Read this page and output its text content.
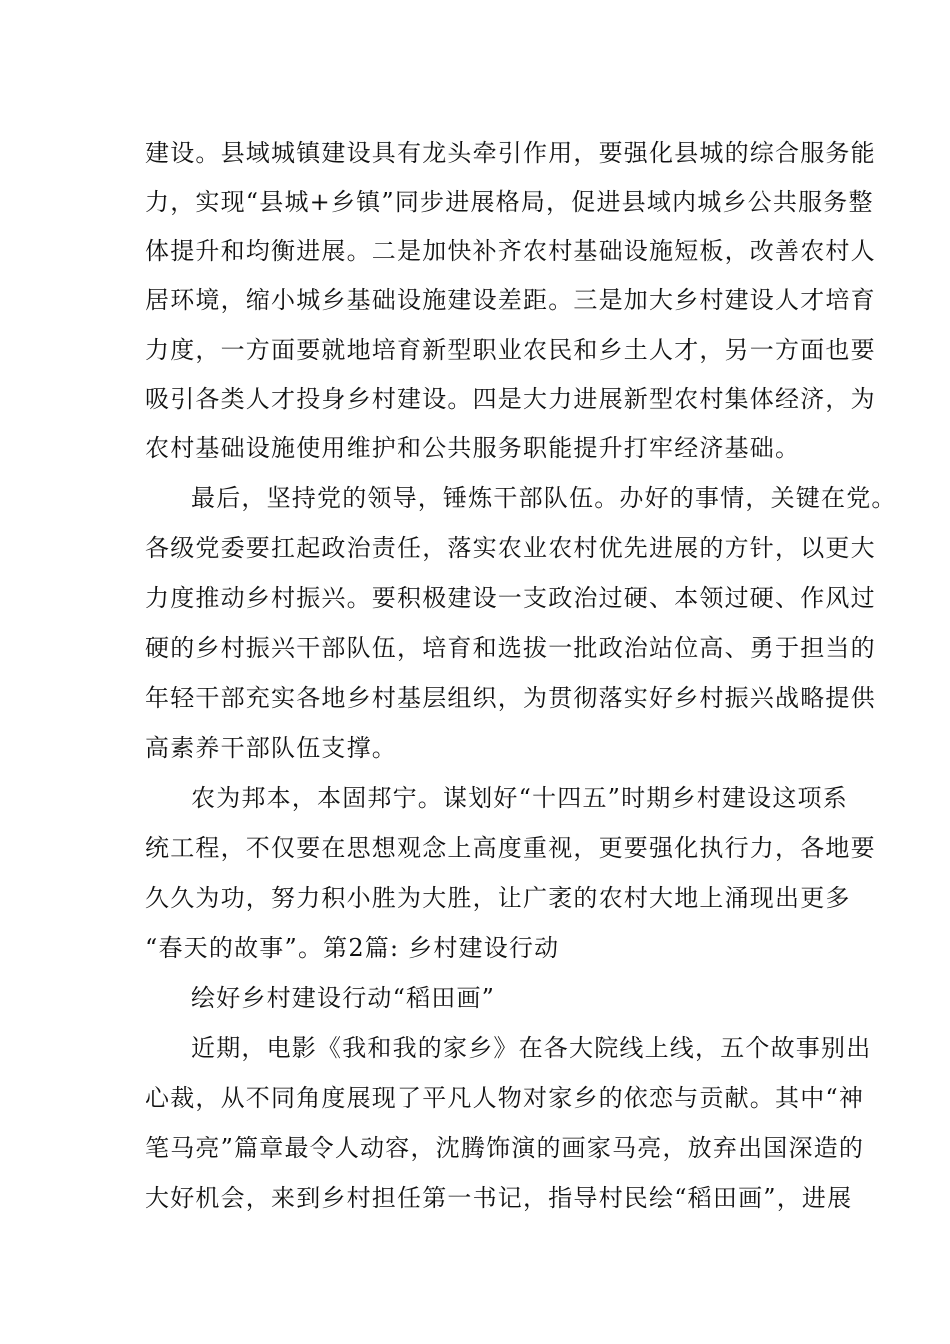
建设。县域城镇建设具有龙头牵引作用，要强化县城的综合服务能
力，实现“县城+乡镇”同步进展格局，促进县域内城乡公共服务整
体提升和均衡进展。二是加快补齐农村基础设施短板，改善农村人
居环境，缩小城乡基础设施建设差距。三是加大乡村建设人才培育
力度，一方面要就地培育新型职业农民和乡土人才，另一方面也要
吸引各类人才投身乡村建设。四是大力进展新型农村集体经济，为
农村基础设施使用维护和公共服务职能提升打牢经济基础。
最后，坚持党的领导，锤炼干部队伍。办好的事情，关键在党。
各级党委要扛起政治责任，落实农业农村优先进展的方针，以更大
力度推动乡村振兴。要积极建设一支政治过硬、本领过硬、作风过
硬的乡村振兴干部队伍，培育和选拔一批政治站位高、勇于担当的
年轻干部充实各地乡村基层组织，为贯彻落实好乡村振兴战略提供
高素养干部队伍支撑。
农为邦本，本固邦宁。谋划好“十四五”时期乡村建设这项系
统工程，不仅要在思想观念上高度重视，更要强化执行力，各地要
久久为功，努力积小胜为大胜，让广袤的农村大地上涌现出更多
“春天的故事”。第2篇: 乡村建设行动
绘好乡村建设行动“稻田画”
近期，电影《我和我的家乡》在各大院线上线，五个故事别出
心裁，从不同角度展现了平凡人物对家乡的依恋与贡献。其中“神
笔马亮”篇章最令人动容，沈腾饰演的画家马亮，放弃出国深造的
大好机会，来到乡村担任第一书记，指导村民绘“稻田画”，进展
